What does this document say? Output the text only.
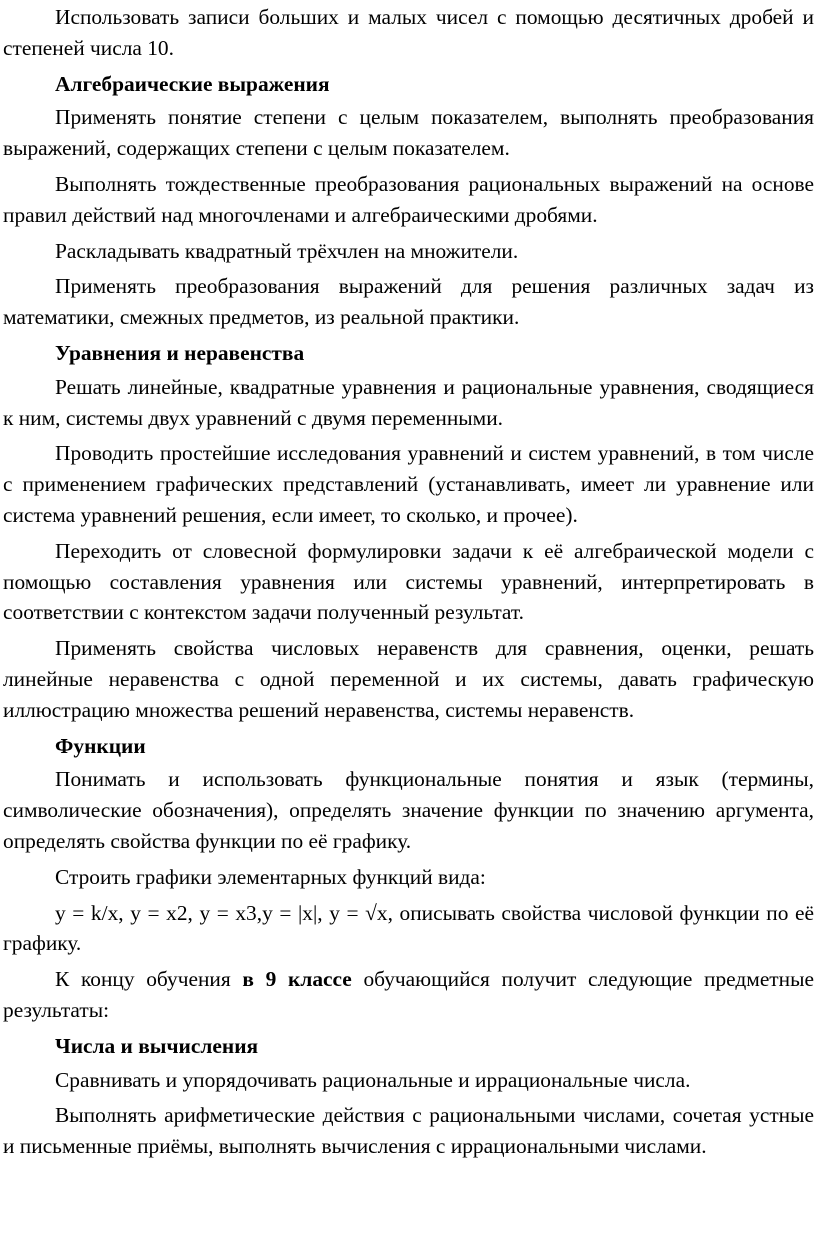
Использовать записи больших и малых чисел с помощью десятичных дробей и степеней числа 10.

Алгебраические выражения

Применять понятие степени с целым показателем, выполнять преобразования выражений, содержащих степени с целым показателем.

Выполнять тождественные преобразования рациональных выражений на основе правил действий над многочленами и алгебраическими дробями.

Раскладывать квадратный трёхчлен на множители.

Применять преобразования выражений для решения различных задач из математики, смежных предметов, из реальной практики.

Уравнения и неравенства

Решать линейные, квадратные уравнения и рациональные уравнения, сводящиеся к ним, системы двух уравнений с двумя переменными.

Проводить простейшие исследования уравнений и систем уравнений, в том числе с применением графических представлений (устанавливать, имеет ли уравнение или система уравнений решения, если имеет, то сколько, и прочее).

Переходить от словесной формулировки задачи к её алгебраической модели с помощью составления уравнения или системы уравнений, интерпретировать в соответствии с контекстом задачи полученный результат.

Применять свойства числовых неравенств для сравнения, оценки, решать линейные неравенства с одной переменной и их системы, давать графическую иллюстрацию множества решений неравенства, системы неравенств.

Функции

Понимать и использовать функциональные понятия и язык (термины, символические обозначения), определять значение функции по значению аргумента, определять свойства функции по её графику.

Строить графики элементарных функций вида:

y = k/x, y = x2, y = x3,y = |x|, y = √x, описывать свойства числовой функции по её графику.

К концу обучения в 9 классе обучающийся получит следующие предметные результаты:

Числа и вычисления

Сравнивать и упорядочивать рациональные и иррациональные числа.

Выполнять арифметические действия с рациональными числами, сочетая устные и письменные приёмы, выполнять вычисления с иррациональными числами.
